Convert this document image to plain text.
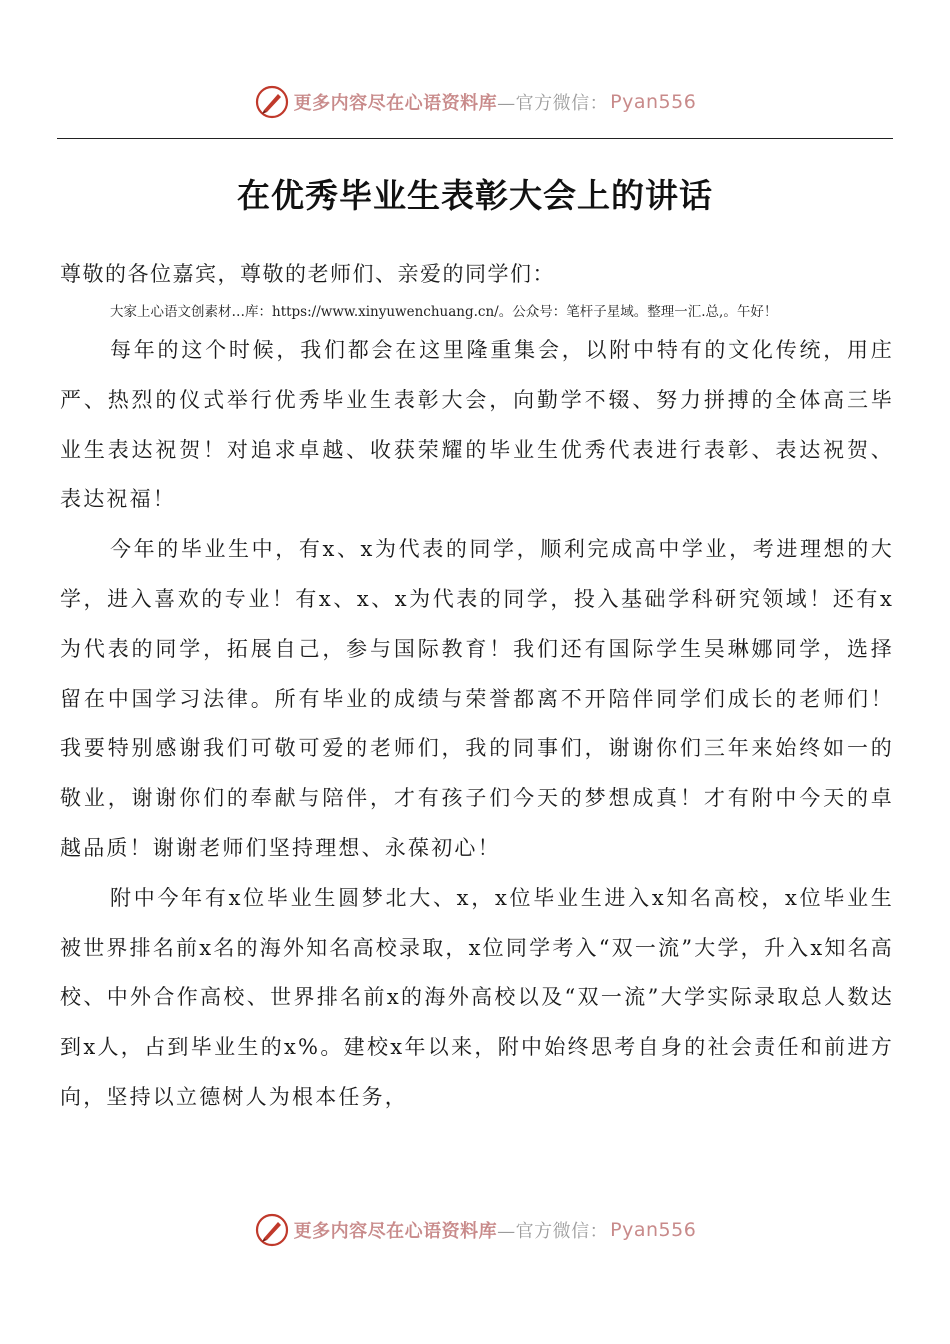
更多内容尽在心语资料库 —官方微信： Pyan556
在优秀毕业生表彰大会上的讲话
尊敬的各位嘉宾，尊敬的老师们、亲爱的同学们：
大家上心语文创素材…库：https://www.xinyuwenchuang.cn/。公众号：笔杆子星域。整理一汇.总,。午好！

每年的这个时候，我们都会在这里隆重集会，以附中特有的文化传统，用庄严、热烈的仪式举行优秀毕业生表彰大会，向勤学不辍、努力拼搏的全体高三毕业生表达祝贺！对追求卓越、收获荣耀的毕业生优秀代表进行表彰、表达祝贺、表达祝福！

今年的毕业生中，有x、x为代表的同学，顺利完成高中学业，考进理想的大学，进入喜欢的专业！有x、x、x为代表的同学，投入基础学科研究领域！还有x为代表的同学，拓展自己，参与国际教育！我们还有国际学生吴琳娜同学，选择留在中国学习法律。所有毕业的成绩与荣誉都离不开陪伴同学们成长的老师们！我要特别感谢我们可敬可爱的老师们，我的同事们，谢谢你们三年来始终如一的敬业，谢谢你们的奉献与陪伴，才有孩子们今天的梦想成真！才有附中今天的卓越品质！谢谢老师们坚持理想、永葆初心！

附中今年有x位毕业生圆梦北大、x，x位毕业生进入x知名高校，x位毕业生被世界排名前x名的海外知名高校录取，x位同学考入“双一流”大学，升入x知名高校、中外合作高校、世界排名前x的海外高校以及“双一流”大学实际录取总人数达到x人，占到毕业生的x%。建校x年以来，附中始终思考自身的社会责任和前进方向，坚持以立德树人为根本任务，

更多内容尽在心语资料库 —官方微信： Pyan556
